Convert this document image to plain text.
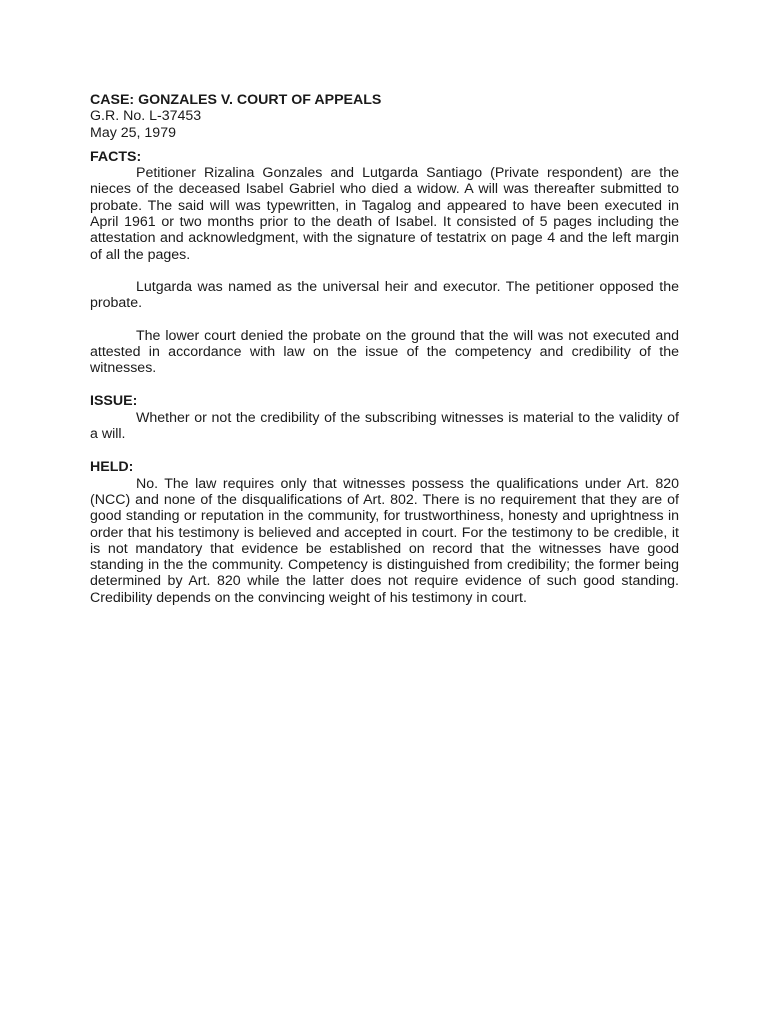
CASE: GONZALES V. COURT OF APPEALS

G.R. No. L-37453

May 25, 1979

FACTS:

Petitioner Rizalina Gonzales and Lutgarda Santiago (Private respondent) are the nieces of the deceased Isabel Gabriel who died a widow. A will was thereafter submitted to probate. The said will was typewritten, in Tagalog and appeared to have been executed in April 1961 or two months prior to the death of Isabel. It consisted of 5 pages including the attestation and acknowledgment, with the signature of testatrix on page 4 and the left margin of all the pages.

Lutgarda was named as the universal heir and executor. The petitioner opposed the probate.

The lower court denied the probate on the ground that the will was not executed and attested in accordance with law on the issue of the competency and credibility of the witnesses.

ISSUE:

Whether or not the credibility of the subscribing witnesses is material to the validity of a will.

HELD:

No. The law requires only that witnesses possess the qualifications under Art. 820 (NCC) and none of the disqualifications of Art. 802. There is no requirement that they are of good standing or reputation in the community, for trustworthiness, honesty and uprightness in order that his testimony is believed and accepted in court. For the testimony to be credible, it is not mandatory that evidence be established on record that the witnesses have good standing in the the community. Competency is distinguished from credibility; the former being determined by Art. 820 while the latter does not require evidence of such good standing. Credibility depends on the convincing weight of his testimony in court.
